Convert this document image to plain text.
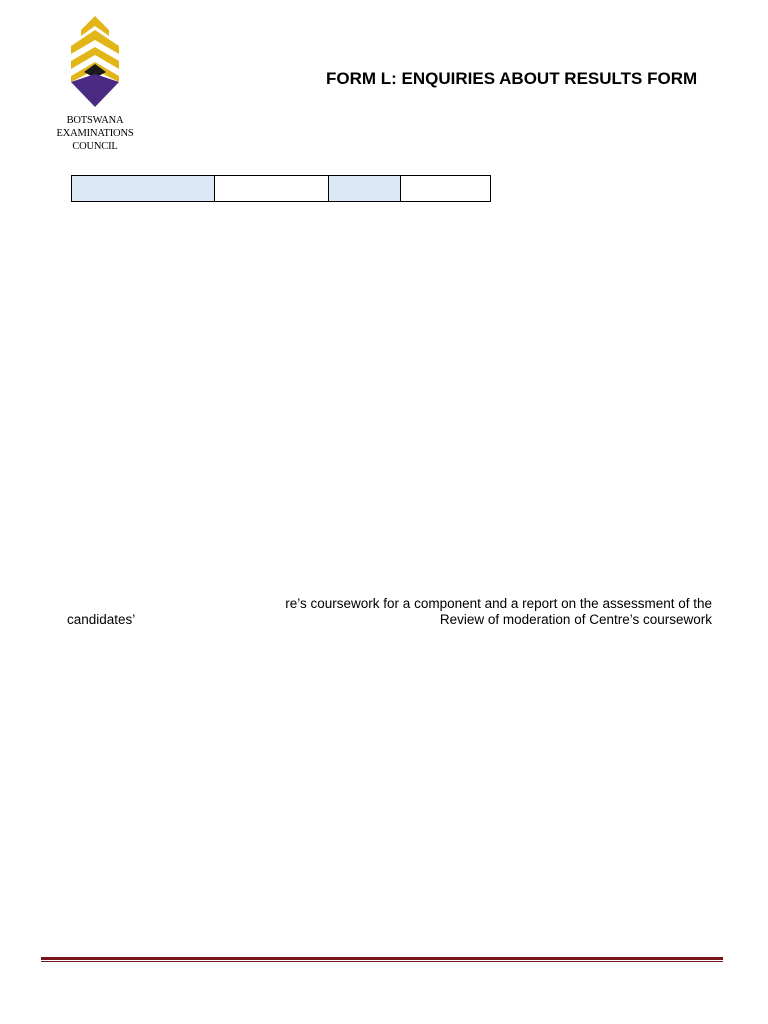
BOTSWANA
EXAMINATIONS
COUNCIL
FORM L: ENQUIRIES ABOUT RESULTS FORM
re’s coursework for a component and a report on the assessment of the
candidates’	Review of moderation of Centre’s coursework
